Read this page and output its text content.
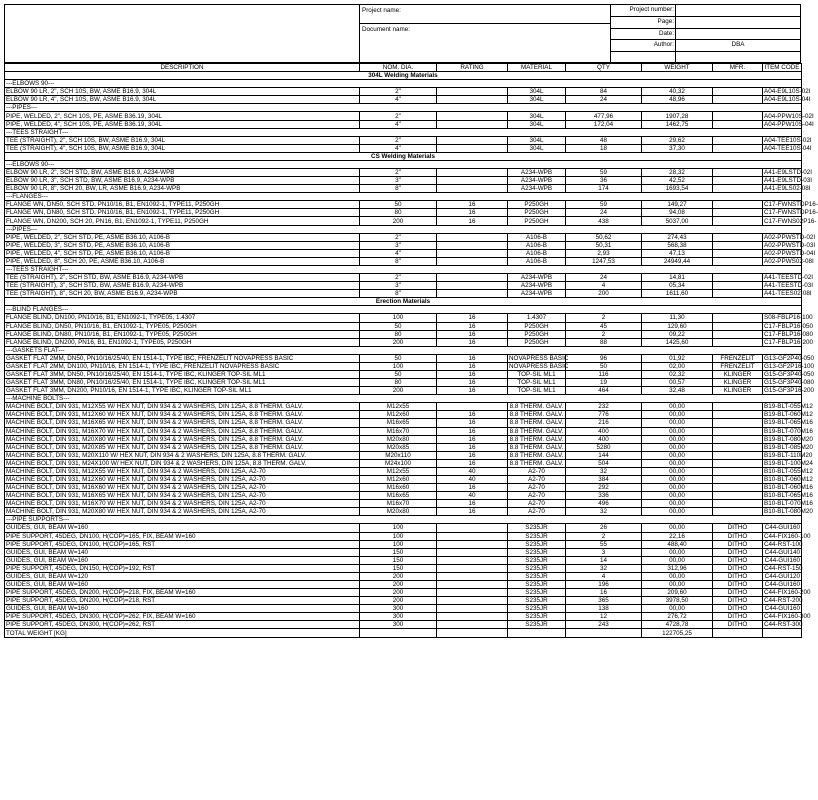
Project name:
Document name:
Project number:
Page:
Date:
Author:	DBA
DESCRIPTION	NOM. DIA.	RATING	MATERIAL	QTY	WEIGHT	MFR.	ITEM CODE
304L Welding Materials							
---ELBOWS 90---							
ELBOW 90 LR, 2", SCH 10S, BW, ASME B16.9, 304L	2"		304L	84	40,32		A04-E9L10S-02I
ELBOW 90 LR, 4", SCH 10S, BW, ASME B16.9, 304L	4"		304L	24	48,96		A04-E9L10S-04I
---PIPES---							
PIPE, WELDED, 2", SCH 10S, PE, ASME B36.19, 304L	2"		304L	477,96	1907,28		A04-PPW10S-02I
PIPE, WELDED, 4", SCH 10S, PE, ASME B36.19, 304L	4"		304L	172,04	1462,75		A04-PPW10S-04I
---TEES STRAIGHT---							
TEE (STRAIGHT), 2", SCH 10S, BW, ASME B16.9, 304L	2"		304L	48	29,62		A04-TEE10S-02I
TEE (STRAIGHT), 4", SCH 10S, BW, ASME B16.9, 304L	4"		304L	18	37,30		A04-TEE10S-04I
CS Welding Materials							
---ELBOWS 90---							
ELBOW 90 LR, 2", SCH STD, BW, ASME B16.9, A234-WPB	2"		A234-WPB	59	28,32		A41-E9LSTD-02I
ELBOW 90 LR, 3", SCH STD, BW, ASME B16.9, A234-WPB	3"		A234-WPB	36	42,52		A41-E9LSTD-03I
ELBOW 90 LR, 8", SCH 20, BW, LR, ASME B16.9, A234-WPB	8"		A234-WPB	174	1693,54		A41-E9LS02-08I
---FLANGES---							
FLANGE WN, DN50, SCH STD, PN10/16, B1, EN1092-1, TYPE11, P250GH	50	16	P250GH	59	149,27		C17-FWNSTDP16-
FLANGE WN, DN80, SCH STD, PN10/16, B1, EN1092-1, TYPE11, P250GH	80	16	P250GH	24	94,08		C17-FWNSTDP16-
FLANGE WN, DN200, SCH 20, PN16, B1, EN1092-1, TYPE11, P250GH	200	16	P250GH	438	5037,00		C17-FWNS02P16-
---PIPES---							
PIPE, WELDED, 2", SCH STD, PE, ASME B36.10, A106-B	2"		A106-B	50,62	274,43		A02-PPWSTD-02I
PIPE, WELDED, 3", SCH STD, PE, ASME B36.10, A106-B	3"		A106-B	50,31	568,38		A02-PPWSTD-03I
PIPE, WELDED, 4", SCH STD, PE, ASME B36.10, A106-B	4"		A106-B	2,93	47,13		A02-PPWSTD-04I
PIPE, WELDED, 8", SCH 20, PE, ASME B36.10, A106-B	8"		A106-B	1247,53	24949,44		A02-PPWS02-08I
---TEES STRAIGHT---							
TEE (STRAIGHT), 2", SCH STD, BW, ASME B16.9, A234-WPB	2"		A234-WPB	24	14,81		A41-TEESTD-02I
TEE (STRAIGHT), 3", SCH STD, BW, ASME B16.9, A234-WPB	3"		A234-WPB	4	05,34		A41-TEESTD-03I
TEE (STRAIGHT), 8", SCH 20, BW, ASME B16.9, A234-WPB	8"		A234-WPB	200	1611,60		A41-TEES02-08I
Erection Materials							
---BLIND FLANGES---							
FLANGE BLIND, DN100, PN10/16, B1, EN1092-1, TYPE05, 1.4307	100	16	1.4307	2	11,30		S08-FBLP16-100
FLANGE BLIND, DN50, PN10/16, B1, EN1092-1, TYPE05, P250GH	50	16	P250GH	45	129,60		C17-FBLP16-050
FLANGE BLIND, DN80, PN10/16, B1, EN1092-1, TYPE05, P250GH	80	16	P250GH	2	09,22		C17-FBLP16-080
FLANGE BLIND, DN200, PN16, B1, EN1092-1, TYPE05, P250GH	200	16	P250GH	88	1425,60		C17-FBLP16-200
---GASKETS FLAT---							
GASKET FLAT 2MM, DN50, PN10/16/25/40, EN 1514-1, TYPE IBC, FRENZELIT NOVAPRESS BASIC	50	16	NOVAPRESS BASIC	96	01,92	FRENZELIT	G13-GF2P40-050
GASKET FLAT 2MM, DN100, PN10/16, EN 1514-1, TYPE IBC, FRENZELIT NOVAPRESS BASIC	100	16	NOVAPRESS BASIC	50	02,00	FRENZELIT	G13-GF2P16-100
GASKET FLAT 3MM, DN50, PN10/16/25/40, EN 1514-1, TYPE IBC, KLINGER TOP-SIL ML1	50	16	TOP-SIL ML1	116	02,32	KLINGER	G15-GF3P40-050
GASKET FLAT 3MM, DN80, PN10/16/25/40, EN 1514-1, TYPE IBC, KLINGER TOP-SIL ML1	80	16	TOP-SIL ML1	19	00,57	KLINGER	G15-GF3P40-080
GASKET FLAT 3MM, DN200, PN10/16, EN 1514-1, TYPE IBC, KLINGER TOP-SIL ML1	200	16	TOP-SIL ML1	464	32,48	KLINGER	G15-GF3P16-200
---MACHINE BOLTS---							
MACHINE BOLT, DIN 931, M12X55 W/ HEX NUT, DIN 934 & 2 WASHERS, DIN 125A, 8.8 THERM. GALV.	M12x55		8.8 THERM. GALV.	232	00,00		B19-BLT-055M12
MACHINE BOLT, DIN 931, M12X60 W/ HEX NUT, DIN 934 & 2 WASHERS, DIN 125A, 8.8 THERM. GALV.	M12x60	16	8.8 THERM. GALV.	776	00,00		B19-BLT-060M12
MACHINE BOLT, DIN 931, M16X65 W/ HEX NUT, DIN 934 & 2 WASHERS, DIN 125A, 8.8 THERM. GALV.	M16x65	16	8.8 THERM. GALV.	216	00,00		B19-BLT-065M16
MACHINE BOLT, DIN 931, M16X70 W/ HEX NUT, DIN 934 & 2 WASHERS, DIN 125A, 8.8 THERM. GALV.	M16x70	16	8.8 THERM. GALV.	400	00,00		B19-BLT-070M16
MACHINE BOLT, DIN 931, M20X80 W/ HEX NUT, DIN 934 & 2 WASHERS, DIN 125A, 8.8 THERM. GALV.	M20x80	16	8.8 THERM. GALV.	400	00,00		B19-BLT-080M20
MACHINE BOLT, DIN 931, M20X85 W/ HEX NUT, DIN 934 & 2 WASHERS, DIN 125A, 8.8 THERM. GALV.	M20x85	16	8.8 THERM. GALV.	5280	00,00		B19-BLT-085M20
MACHINE BOLT, DIN 931, M20X110 W/ HEX NUT, DIN 934 & 2 WASHERS, DIN 125A, 8.8 THERM. GALV.	M20x110	16	8.8 THERM. GALV.	144	00,00		B19-BLT-110M20
MACHINE BOLT, DIN 931, M24X100 W/ HEX NUT, DIN 934 & 2 WASHERS, DIN 125A, 8.8 THERM. GALV.	M24x100	16	8.8 THERM. GALV.	504	00,00		B19-BLT-100M24
MACHINE BOLT, DIN 931, M12X55 W/ HEX NUT, DIN 934 & 2 WASHERS, DIN 125A, A2-70	M12x55	40	A2-70	32	00,00		B10-BLT-055M12
MACHINE BOLT, DIN 931, M12X60 W/ HEX NUT, DIN 934 & 2 WASHERS, DIN 125A, A2-70	M12x60	40	A2-70	384	00,00		B10-BLT-060M12
MACHINE BOLT, DIN 931, M16X60 W/ HEX NUT, DIN 934 & 2 WASHERS, DIN 125A, A2-70	M16x60	16	A2-70	292	00,00		B10-BLT-060M16
MACHINE BOLT, DIN 931, M16X65 W/ HEX NUT, DIN 934 & 2 WASHERS, DIN 125A, A2-70	M16x65	40	A2-70	336	00,00		B10-BLT-065M16
MACHINE BOLT, DIN 931, M16X70 W/ HEX NUT, DIN 934 & 2 WASHERS, DIN 125A, A2-70	M16x70	16	A2-70	496	00,00		B10-BLT-070M16
MACHINE BOLT, DIN 931, M20X80 W/ HEX NUT, DIN 934 & 2 WASHERS, DIN 125A, A2-70	M20x80	16	A2-70	32	00,00		B10-BLT-080M20
---PIPE SUPPORTS---							
GUIDES, GUI, BEAM W=160	100		S235JR	26	00,00	DITHO	C44-GUI160
PIPE SUPPORT, 45DEG, DN100, H(COP)=165, FIX, BEAM W=160	100		S235JR	2	22,16	DITHO	C44-FIX160-100
PIPE SUPPORT, 45DEG, DN100, H(COP)=165, RST	100		S235JR	55	488,40	DITHO	C44-RST-100
GUIDES, GUI, BEAM W=140	150		S235JR	3	00,00	DITHO	C44-GUI140
GUIDES, GUI, BEAM W=160	150		S235JR	14	00,00	DITHO	C44-GUI160
PIPE SUPPORT, 45DEG, DN150, H(COP)=192, RST	150		S235JR	32	312,96	DITHO	C44-RST-150
GUIDES, GUI, BEAM W=120	200		S235JR	4	00,00	DITHO	C44-GUI120
GUIDES, GUI, BEAM W=160	200		S235JR	196	00,00	DITHO	C44-GUI160
PIPE SUPPORT, 45DEG, DN200, H(COP)=218, FIX, BEAM W=160	200		S235JR	16	209,60	DITHO	C44-FIX160-200
PIPE SUPPORT, 45DEG, DN200, H(COP)=218, RST	200		S235JR	365	3978,50	DITHO	C44-RST-200
GUIDES, GUI, BEAM W=160	300		S235JR	138	00,00	DITHO	C44-GUI160
PIPE SUPPORT, 45DEG, DN300, H(COP)=262, FIX, BEAM W=160	300		S235JR	12	276,72	DITHO	C44-FIX160-300
PIPE SUPPORT, 45DEG, DN300, H(COP)=262, RST	300		S235JR	243	4728,78	DITHO	C44-RST-300
TOTAL WEIGHT [KG]					122705,25		
